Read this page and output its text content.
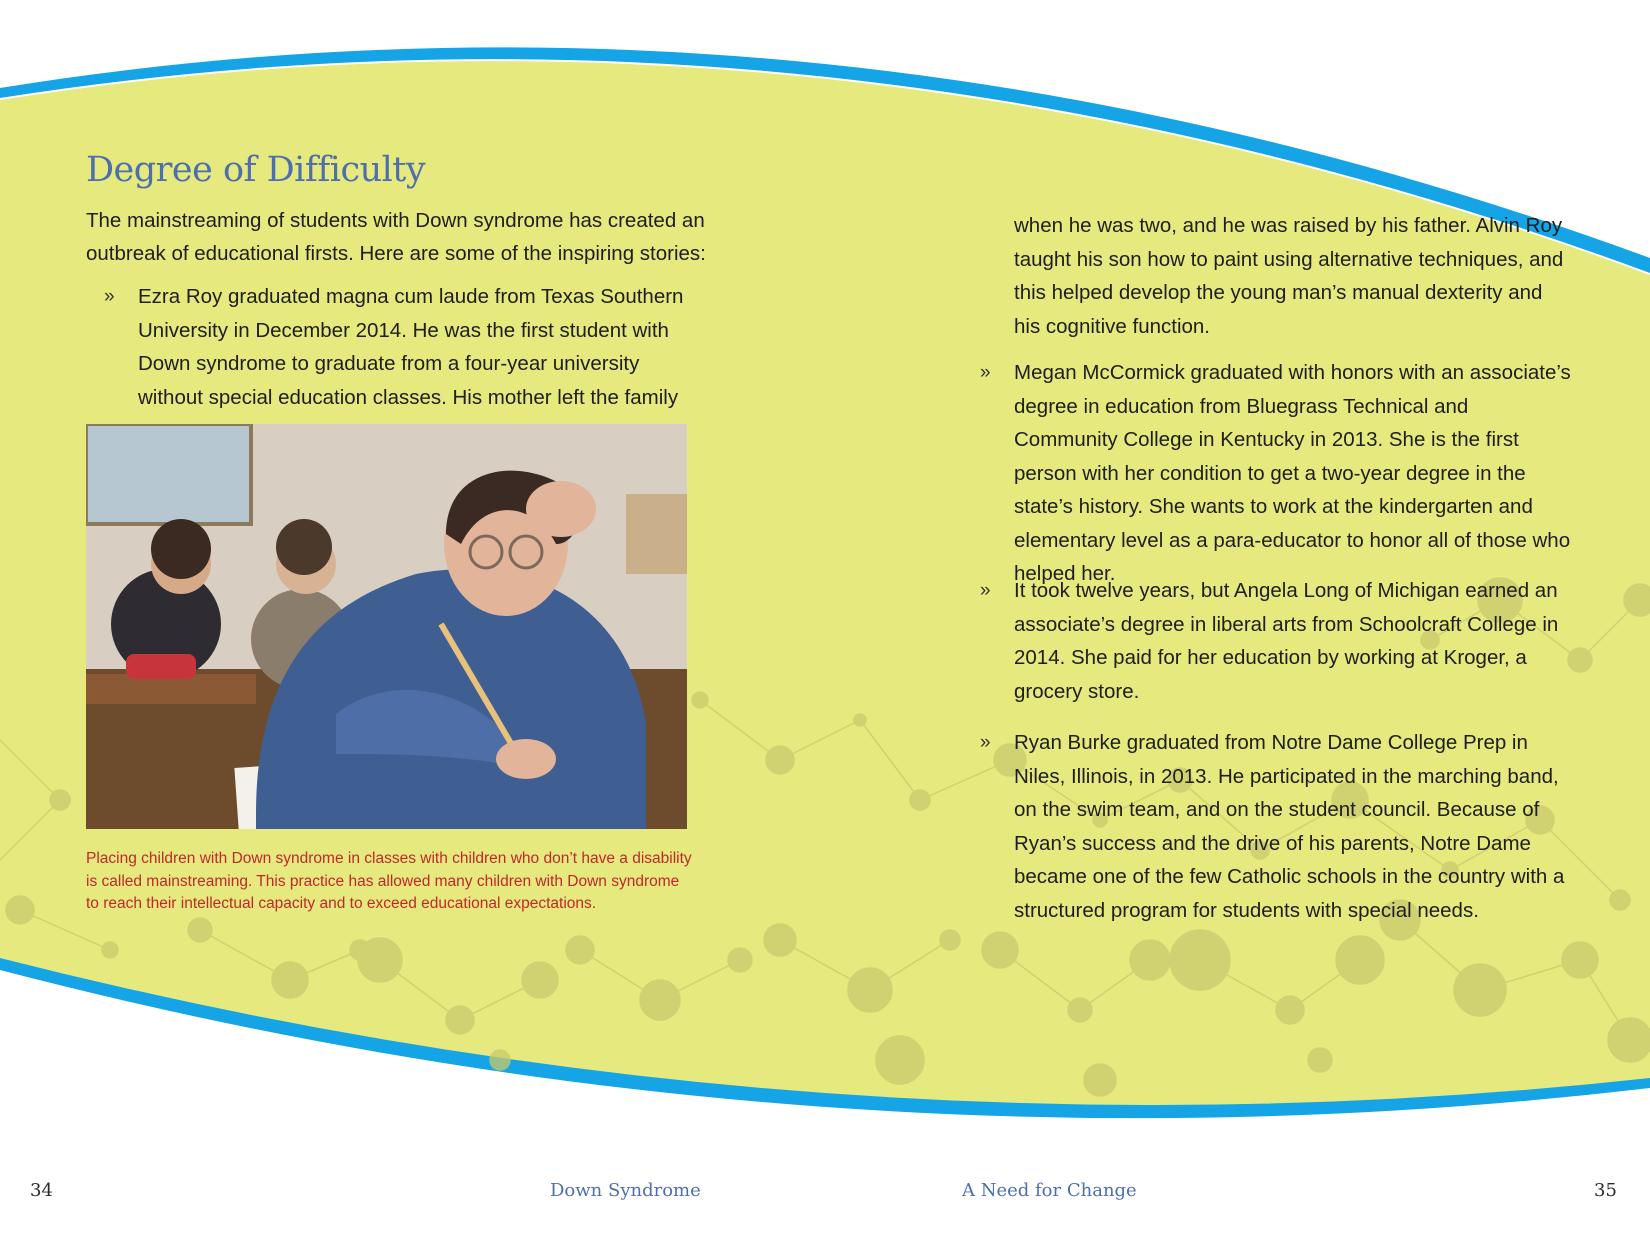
Degree of Difficulty

The mainstreaming of students with Down syndrome has created an outbreak of educational firsts. Here are some of the inspiring stories:

» Ezra Roy graduated magna cum laude from Texas Southern University in December 2014. He was the first student with Down syndrome to graduate from a four-year university without special education classes. His mother left the family

Placing children with Down syndrome in classes with children who don’t have a disability is called mainstreaming. This practice has allowed many children with Down syndrome to reach their intellectual capacity and to exceed educational expectations.

when he was two, and he was raised by his father. Alvin Roy taught his son how to paint using alternative techniques, and this helped develop the young man’s manual dexterity and his cognitive function.

» Megan McCormick graduated with honors with an associate’s degree in education from Bluegrass Technical and Community College in Kentucky in 2013. She is the first person with her condition to get a two-year degree in the state’s history. She wants to work at the kindergarten and elementary level as a para-educator to honor all of those who helped her.

» It took twelve years, but Angela Long of Michigan earned an associate’s degree in liberal arts from Schoolcraft College in 2014. She paid for her education by working at Kroger, a grocery store.

» Ryan Burke graduated from Notre Dame College Prep in Niles, Illinois, in 2013. He participated in the marching band, on the swim team, and on the student council. Because of Ryan’s success and the drive of his parents, Notre Dame became one of the few Catholic schools in the country with a structured program for students with special needs.

34	Down Syndrome	A Need for Change	35
